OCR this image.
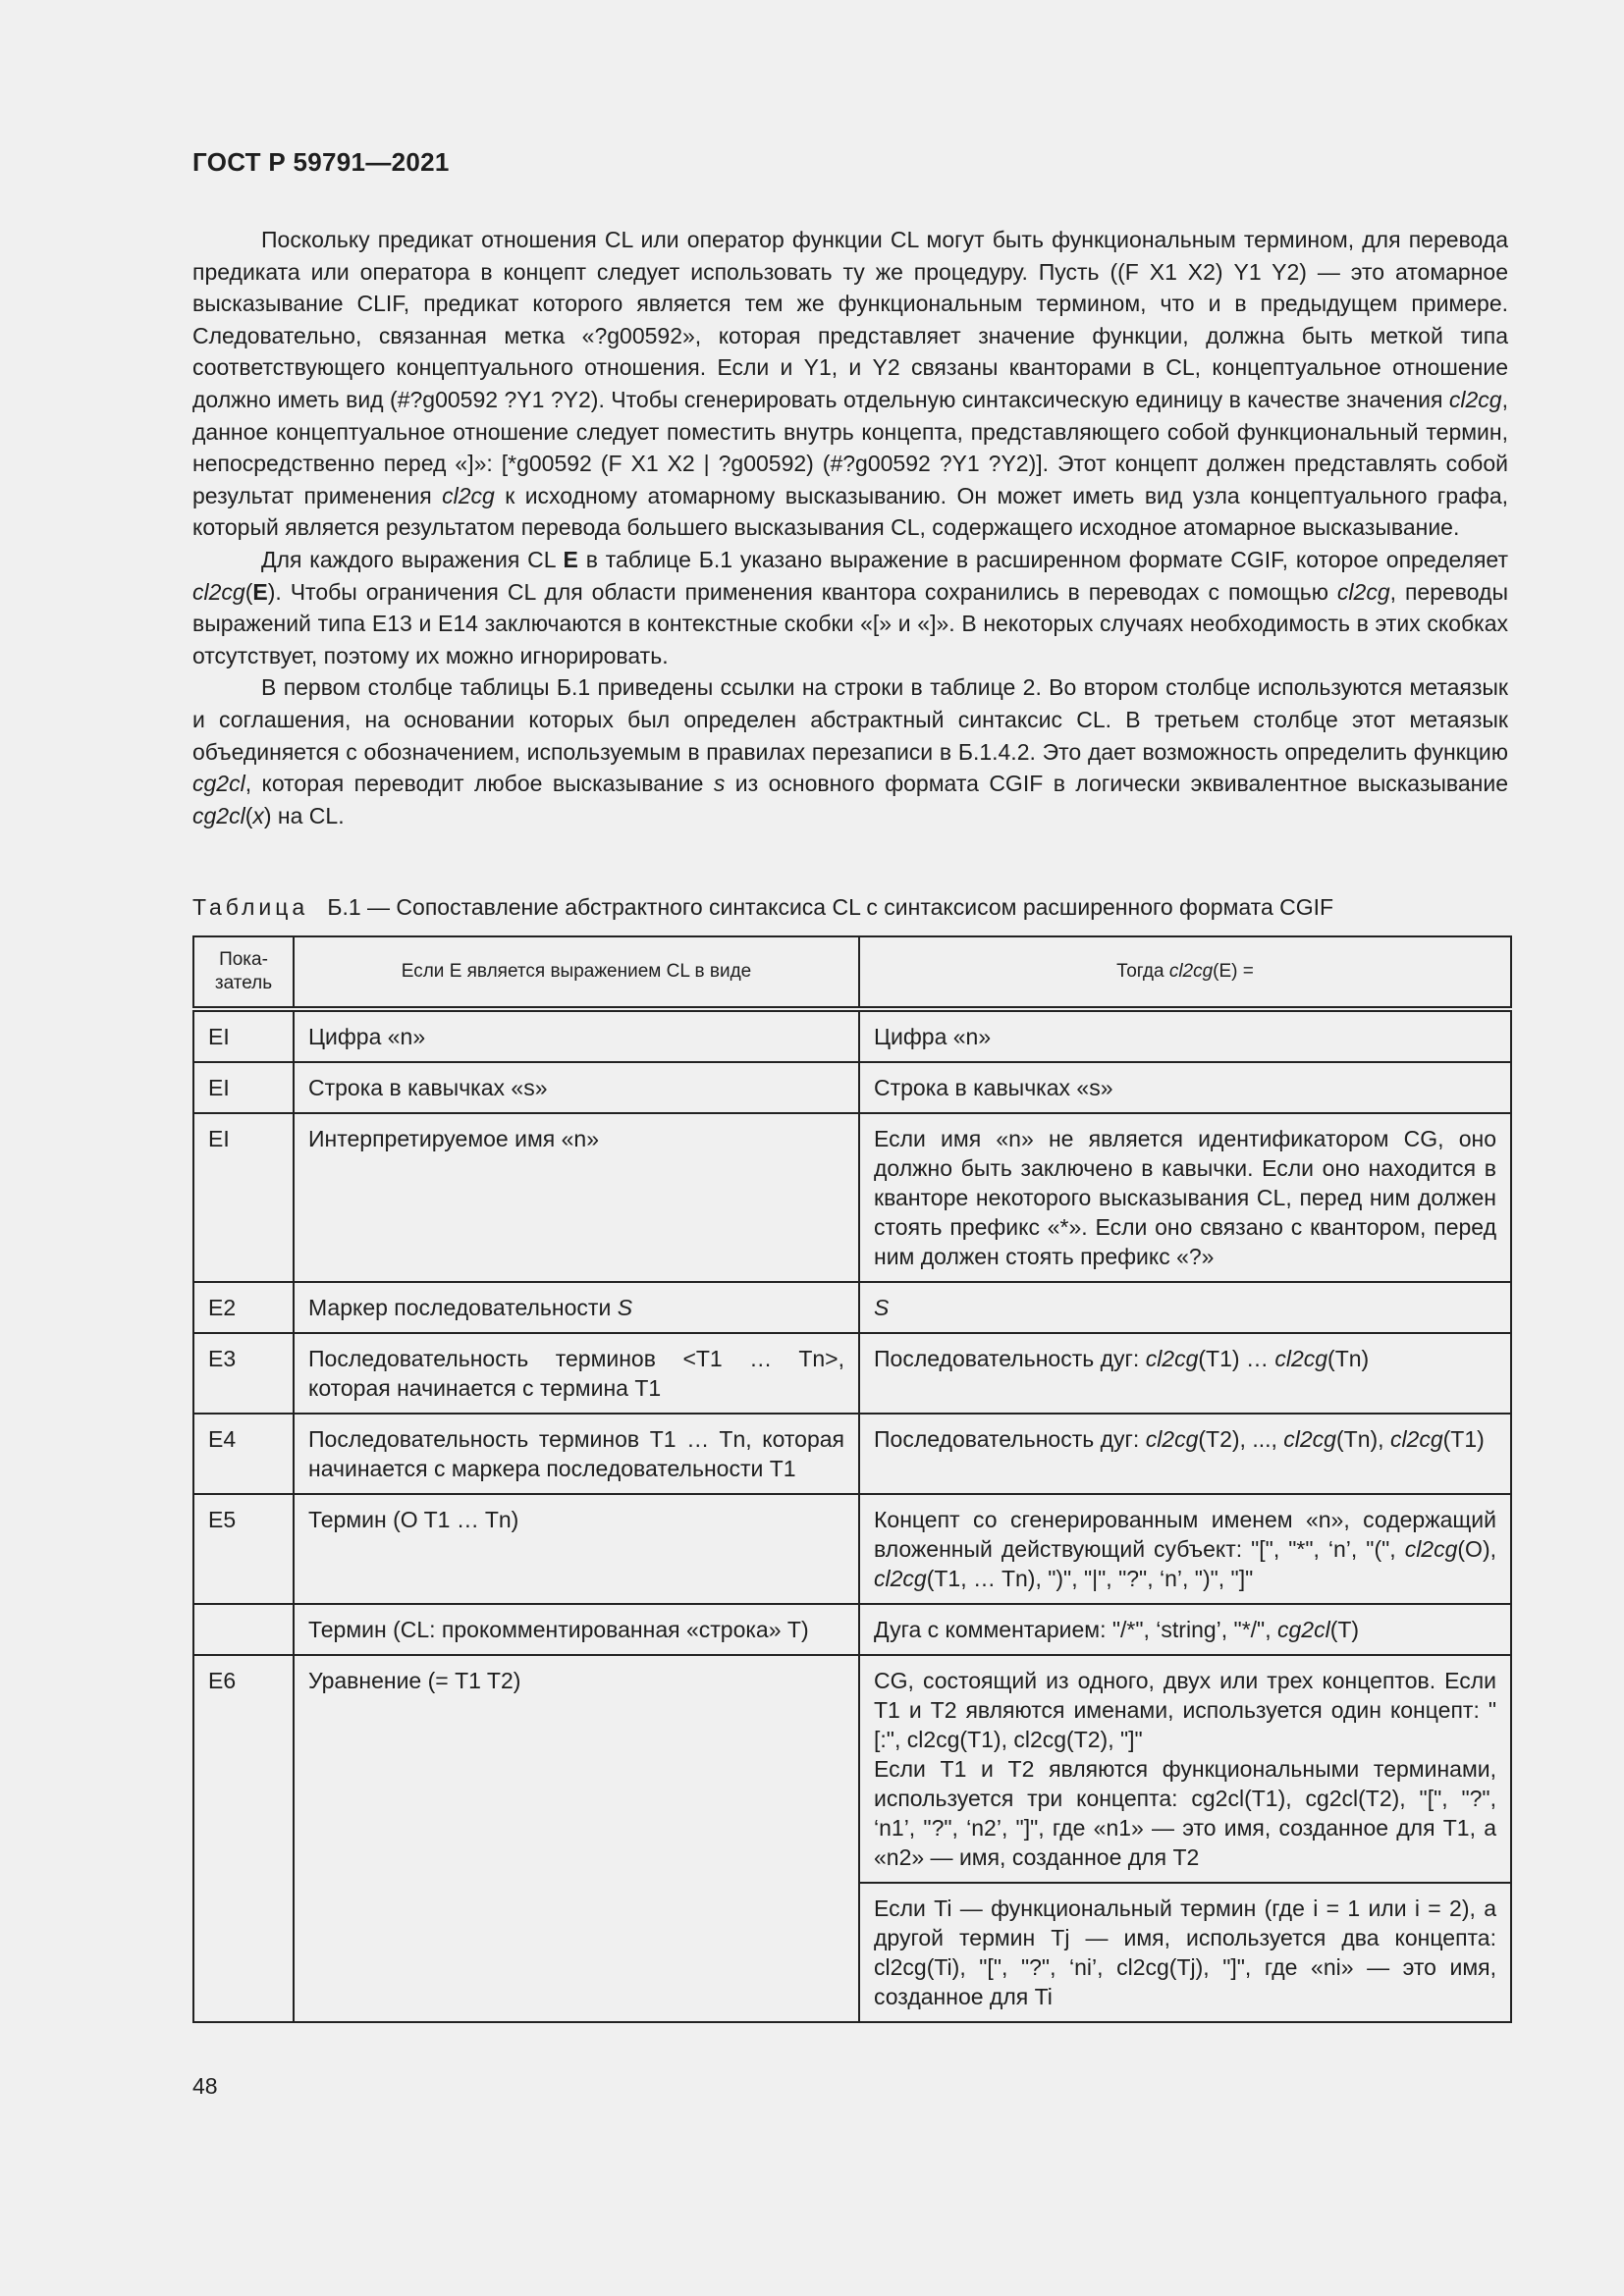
ГОСТ Р 59791—2021

Поскольку предикат отношения CL или оператор функции CL могут быть функциональным термином, для перевода предиката или оператора в концепт следует использовать ту же процедуру. Пусть ((F X1 X2) Y1 Y2) — это атомарное высказывание CLIF, предикат которого является тем же функциональным термином, что и в предыдущем примере. Следовательно, связанная метка «?g00592», которая представляет значение функции, должна быть меткой типа соответствующего концептуального отношения. Если и Y1, и Y2 связаны кванторами в CL, концептуальное отношение должно иметь вид (#?g00592 ?Y1 ?Y2). Чтобы сгенерировать отдельную синтаксическую единицу в качестве значения cl2cg, данное концептуальное отношение следует поместить внутрь концепта, представляющего собой функциональный термин, непосредственно перед «]»: [*g00592 (F X1 X2 | ?g00592) (#?g00592 ?Y1 ?Y2)]. Этот концепт должен представлять собой результат применения cl2cg к исходному атомарному высказыванию. Он может иметь вид узла концептуального графа, который является результатом перевода большего высказывания CL, содержащего исходное атомарное высказывание.

Для каждого выражения CL E в таблице Б.1 указано выражение в расширенном формате CGIF, которое определяет cl2cg(E). Чтобы ограничения CL для области применения квантора сохранились в переводах с помощью cl2cg, переводы выражений типа E13 и E14 заключаются в контекстные скобки «[» и «]». В некоторых случаях необходимость в этих скобках отсутствует, поэтому их можно игнорировать.

В первом столбце таблицы Б.1 приведены ссылки на строки в таблице 2. Во втором столбце используются метаязык и соглашения, на основании которых был определен абстрактный синтаксис CL. В третьем столбце этот метаязык объединяется с обозначением, используемым в правилах перезаписи в Б.1.4.2. Это дает возможность определить функцию cg2cl, которая переводит любое высказывание s из основного формата CGIF в логически эквивалентное высказывание cg2cl(x) на CL.

Таблица Б.1 — Сопоставление абстрактного синтаксиса CL с синтаксисом расширенного формата CGIF
Пока-
затель	Если E является выражением CL в виде	Тогда cl2cg(E) =
EI	Цифра «n»	Цифра «n»
EI	Строка в кавычках «s»	Строка в кавычках «s»
EI	Интерпретируемое имя «n»	Если имя «n» не является идентификатором CG, оно должно быть заключено в кавычки. Если оно находится в кванторе некоторого высказывания CL, перед ним должен стоять префикс «*». Если оно связано с квантором, перед ним должен стоять префикс «?»
E2	Маркер последовательности S	S
E3	Последовательность терминов <T1 … Tn>, которая начинается с термина T1	Последовательность дуг: cl2cg(T1) … cl2cg(Tn)
E4	Последовательность терминов T1 … Tn, которая начинается с маркера последовательности T1	Последовательность дуг: cl2cg(T2), ..., cl2cg(Tn), cl2cg(T1)
E5	Термин (O T1 … Tn)	Концепт со сгенерированным именем «n», содержащий вложенный действующий субъект: "[", "*", ‘n’, "(", cl2cg(O), cl2cg(T1, … Tn), ")", "|", "?", ‘n’, ")", "]"
	Термин (CL: прокомментированная «строка» T)	Дуга с комментарием: "/*", ‘string’, "*/", cg2cl(T)
E6	Уравнение (= T1 T2)	CG, состоящий из одного, двух или трех концептов. Если T1 и T2 являются именами, используется один концепт: "[:", cl2cg(T1), cl2cg(T2), "]"
Если T1 и T2 являются функциональными терминами, используется три концепта: cg2cl(T1), cg2cl(T2), "[", "?", ‘n1’, "?", ‘n2’, "]", где «n1» — это имя, созданное для T1, а «n2» — имя, созданное для T2
		Если Ti — функциональный термин (где i = 1 или i = 2), а другой термин Tj — имя, используется два концепта: cl2cg(Ti), "[", "?", ‘ni’, cl2cg(Tj), "]", где «ni» — это имя, созданное для Ti
48
